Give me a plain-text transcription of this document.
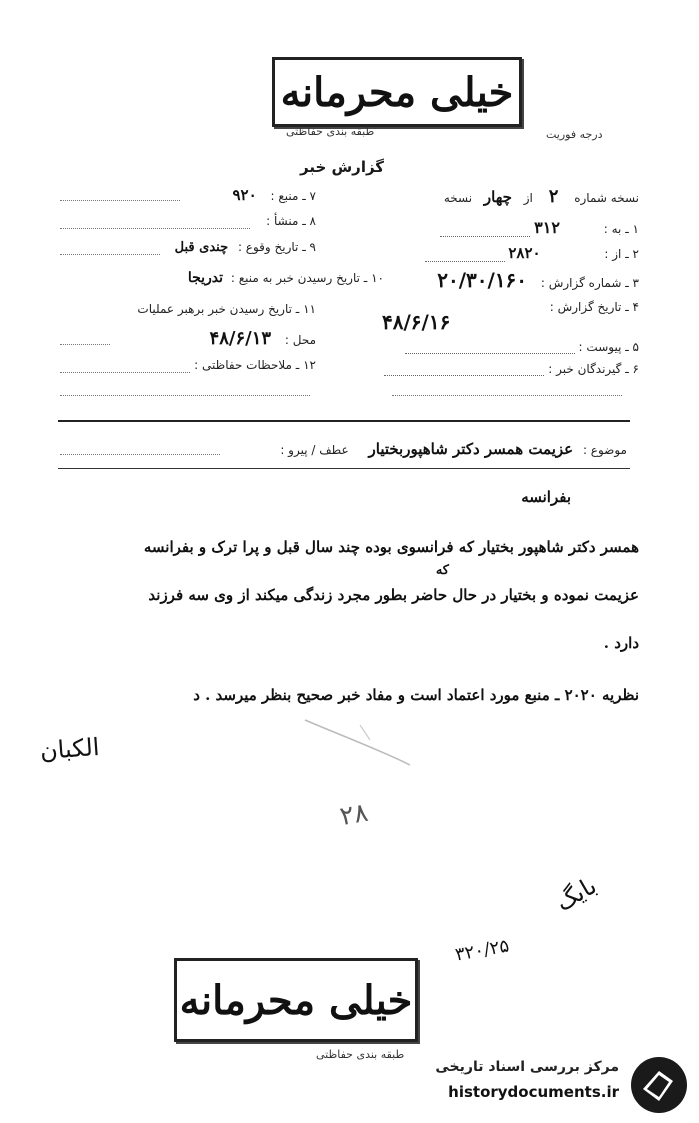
خیلی محرمانه
طبقه بندی حفاظتی	درجه فوریت
گزارش خبر
نسخه شماره ۲ از چهار نسخه
۱ ـ به : ۳۱۲
۲ ـ از : ۲۸۲۰
۳ ـ شماره گزارش : ۲۰/۳۰/۱۶۰
۴ ـ تاریخ گزارش :
۴۸/۶/۱۶
۵ ـ پیوست :
۶ ـ گیرندگان خبر :
۷ ـ منبع : ۹۲۰
۸ ـ منشأ :
۹ ـ تاریخ وقوع : چندی قبل
۱۰ ـ تاریخ رسیدن خبر به منبع : تدریجا
۱۱ ـ تاریخ رسیدن خبر برهبر عملیات
محل : ۴۸/۶/۱۳
۱۲ ـ ملاحظات حفاظتی :
موضوع : عزیمت همسر دکتر شاهپوربختیار عطف / پیرو :
بفرانسه
همسر دکتر شاهپور بختیار که فرانسوی بوده چند سال قبل و پرا ترک و بفرانسه
که
عزیمت نموده و بختیار در حال حاضر بطور مجرد زندگی میکند از وی سه فرزند
دارد .
نظریه ۲۰۲۰ ـ منبع مورد اعتماد است و مفاد خبر صحیح بنظر میرسد . د
الکبان
۲۸
بایگ
۳۲۰/۲۵
خیلی محرمانه
طبقه بندی حفاظتی
مرکز بررسی اسناد تاریخی
historydocuments.ir
